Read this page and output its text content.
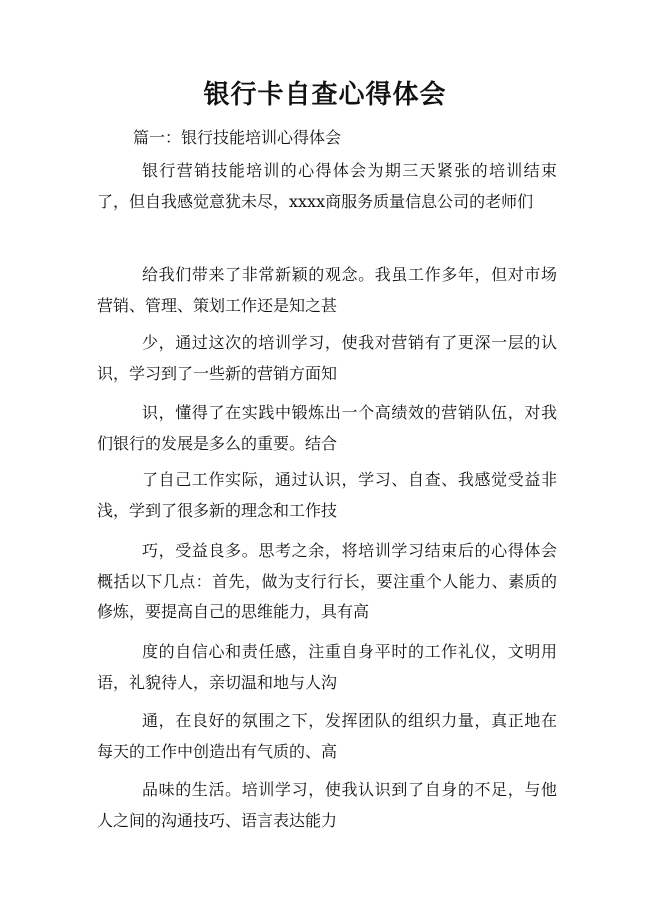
银行卡自查心得体会
篇一：银行技能培训心得体会

银行营销技能培训的心得体会为期三天紧张的培训结束了，但自我感觉意犹未尽，xxxx商服务质量信息公司的老师们

给我们带来了非常新颖的观念。我虽工作多年，但对市场营销、管理、策划工作还是知之甚

少，通过这次的培训学习，使我对营销有了更深一层的认识，学习到了一些新的营销方面知

识，懂得了在实践中锻炼出一个高绩效的营销队伍，对我们银行的发展是多么的重要。结合

了自己工作实际，通过认识，学习、自查、我感觉受益非浅，学到了很多新的理念和工作技

巧，受益良多。思考之余，将培训学习结束后的心得体会概括以下几点：首先，做为支行行长，要注重个人能力、素质的修炼，要提高自己的思维能力，具有高

度的自信心和责任感，注重自身平时的工作礼仪，文明用语，礼貌待人，亲切温和地与人沟

通，在良好的氛围之下，发挥团队的组织力量，真正地在每天的工作中创造出有气质的、高

品味的生活。培训学习，使我认识到了自身的不足，与他人之间的沟通技巧、语言表达能力
